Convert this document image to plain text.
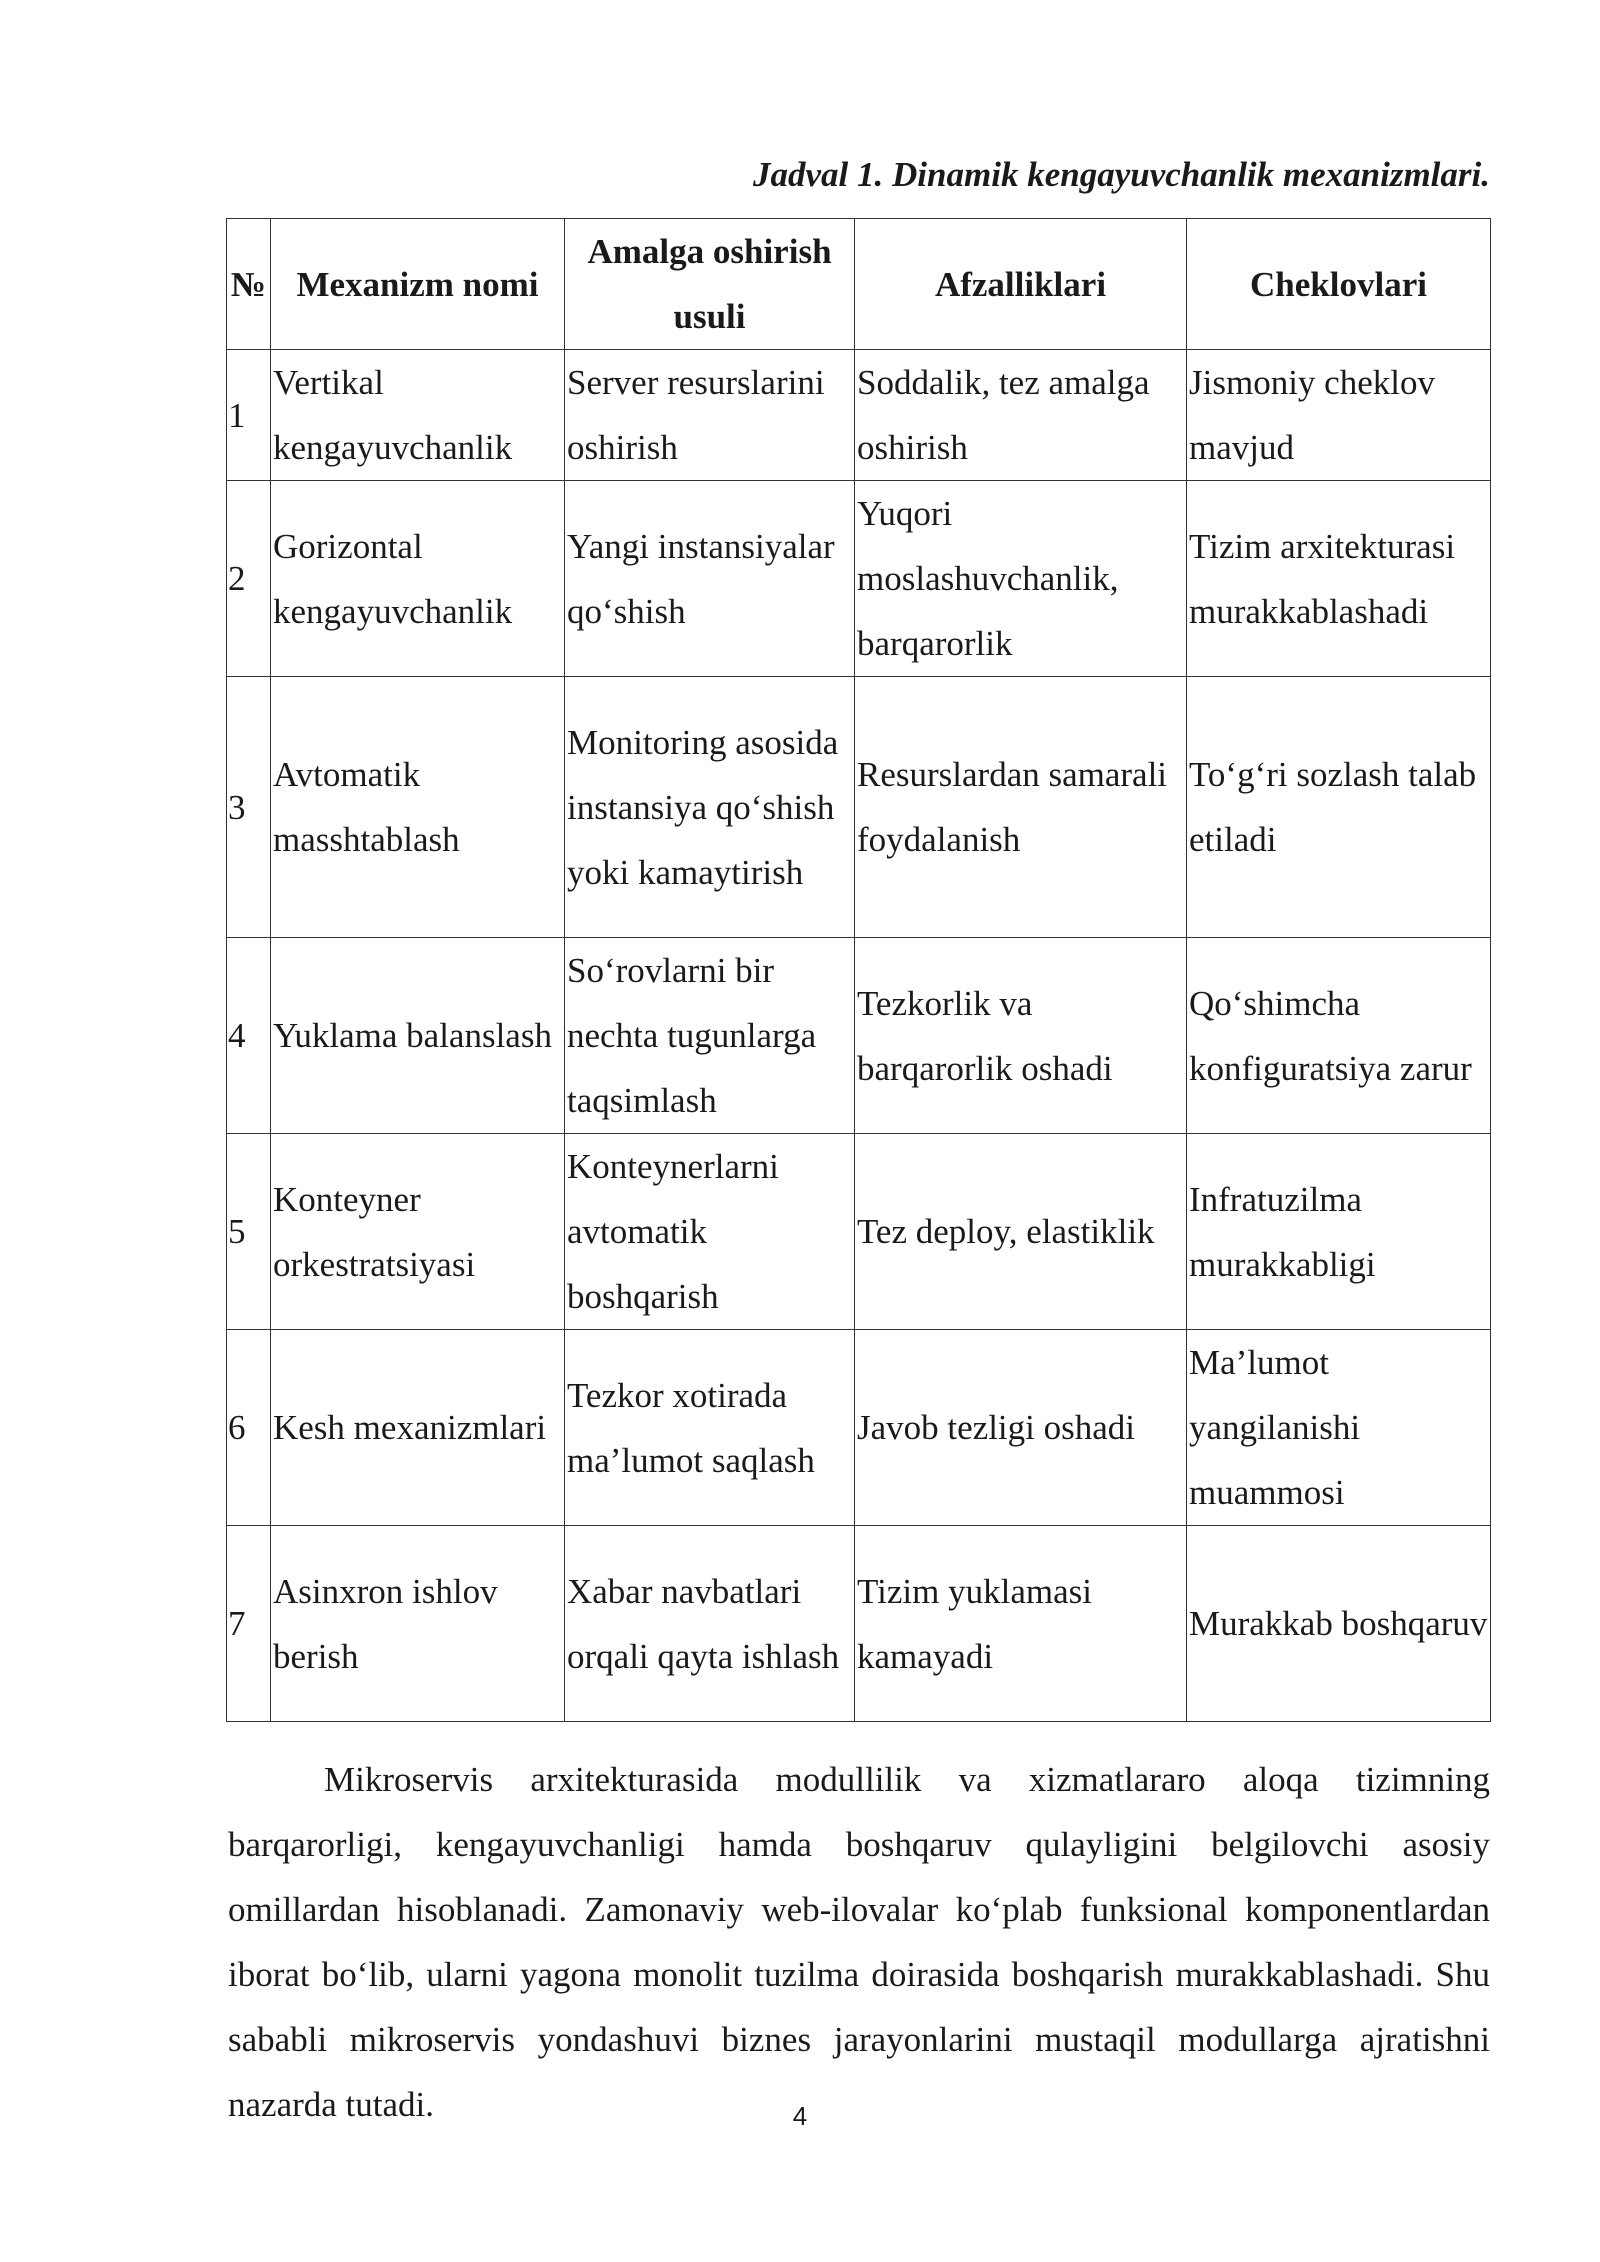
Jadval 1. Dinamik kengayuvchanlik mexanizmlari.
№	Mexanizm nomi	Amalga oshirish usuli	Afzalliklari	Cheklovlari
1	Vertikal kengayuvchanlik	Server resurslarini oshirish	Soddalik, tez amalga oshirish	Jismoniy cheklov mavjud
2	Gorizontal kengayuvchanlik	Yangi instansiyalar qo‘shish	Yuqori moslashuvchanlik, barqarorlik	Tizim arxitekturasi murakkablashadi
3	Avtomatik masshtablash	Monitoring asosida instansiya qo‘shish yoki kamaytirish	Resurslardan samarali foydalanish	To‘g‘ri sozlash talab etiladi
4	Yuklama balanslash	So‘rovlarni bir nechta tugunlarga taqsimlash	Tezkorlik va barqarorlik oshadi	Qo‘shimcha konfiguratsiya zarur
5	Konteyner orkestratsiyasi	Konteynerlarni avtomatik boshqarish	Tez deploy, elastiklik	Infratuzilma murakkabligi
6	Kesh mexanizmlari	Tezkor xotirada ma’lumot saqlash	Javob tezligi oshadi	Ma’lumot yangilanishi muammosi
7	Asinxron ishlov berish	Xabar navbatlari orqali qayta ishlash	Tizim yuklamasi kamayadi	Murakkab boshqaruv

Mikroservis arxitekturasida modullilik va xizmatlararo aloqa tizimning barqarorligi, kengayuvchanligi hamda boshqaruv qulayligini belgilovchi asosiy omillardan hisoblanadi. Zamonaviy web-ilovalar ko‘plab funksional komponentlardan iborat bo‘lib, ularni yagona monolit tuzilma doirasida boshqarish murakkablashadi. Shu sababli mikroservis yondashuvi biznes jarayonlarini mustaqil modullarga ajratishni nazarda tutadi.	4
